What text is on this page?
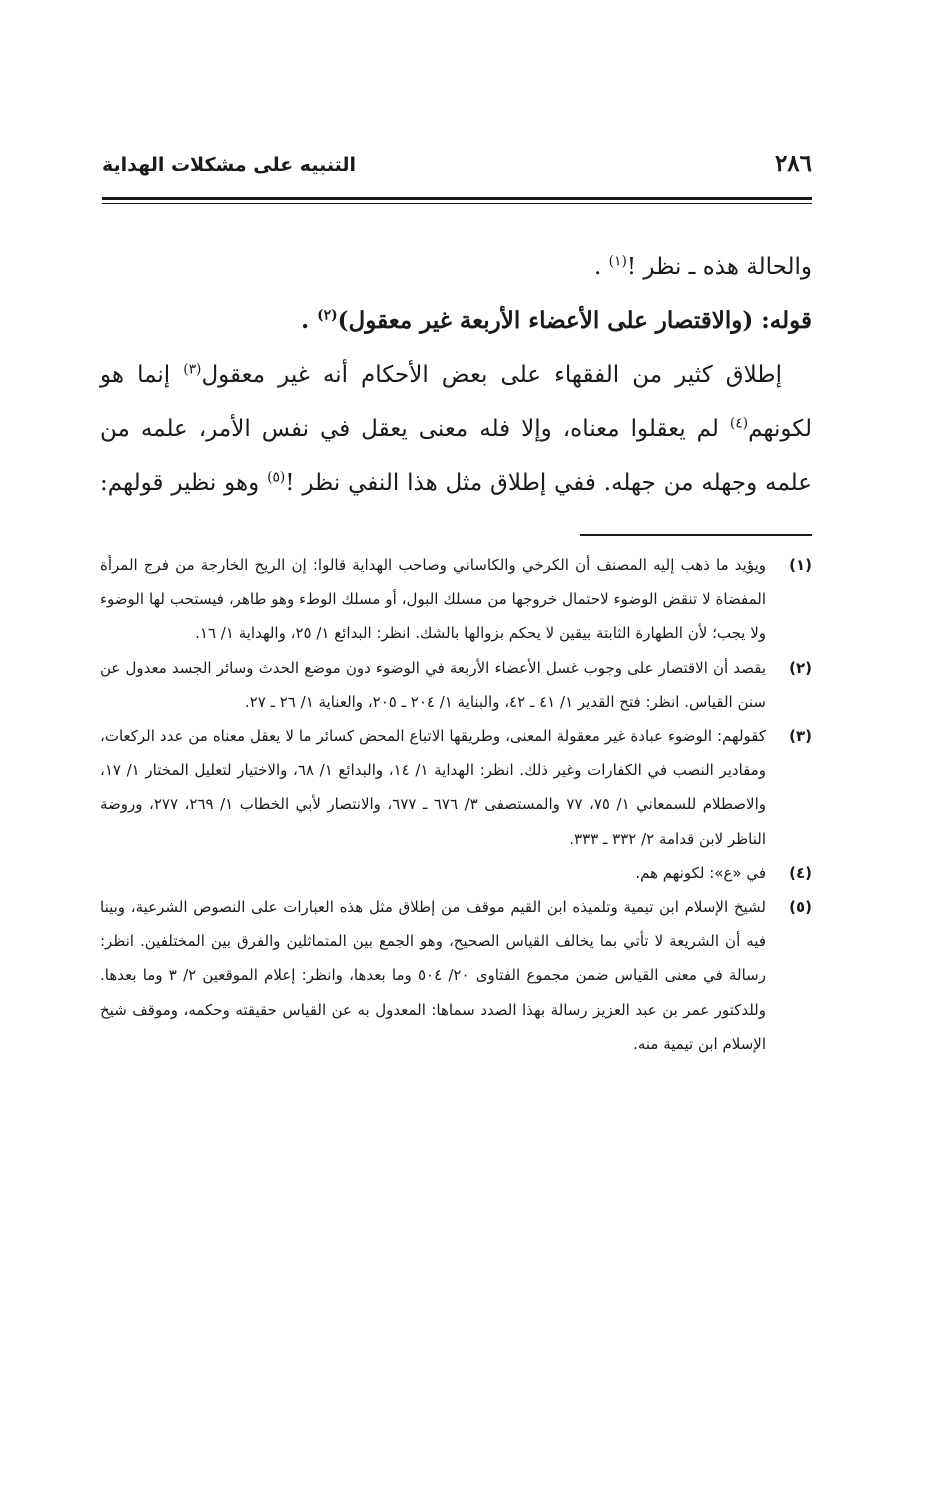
٢٨٦
التنبيه على مشكلات الهداية
والحالة هذه ـ نظر !$^{(١)}$ .
قوله: (والاقتصار على الأعضاء الأربعة غير معقول)$^{(٢)}$ .
إطلاق كثير من الفقهاء على بعض الأحكام أنه غير معقول$^{(٣)}$ إنما هو
لكونهم$^{(٤)}$ لم يعقلوا معناه، وإلا فله معنى يعقل في نفس الأمر، علمه من
علمه وجهله من جهله. ففي إطلاق مثل هذا النفي نظر !$^{(٥)}$ وهو نظير قولهم:

(١)
ويؤيد ما ذهب إليه المصنف أن الكرخي والكاساني وصاحب الهداية قالوا: إن الريح الخارجة من فرج المرأة المفضاة لا تنقض الوضوء لاحتمال خروجها من مسلك البول، أو مسلك الوطء وهو طاهر، فيستحب لها الوضوء ولا يجب؛ لأن الطهارة الثابتة بيقين لا يحكم بزوالها بالشك. انظر: البدائع ١/ ٢٥، والهداية ١/ ١٦.

(٢)
يقصد أن الاقتصار على وجوب غسل الأعضاء الأربعة في الوضوء دون موضع الحدث وسائر الجسد معدول عن سنن القياس. انظر: فتح القدير ١/ ٤١ ـ ٤٢، والبناية ١/ ٢٠٤ ـ ٢٠٥، والعناية ١/ ٢٦ ـ ٢٧.

(٣)
كقولهم: الوضوء عبادة غير معقولة المعنى، وطريقها الاتباع المحض كسائر ما لا يعقل معناه من عدد الركعات، ومقادير النصب في الكفارات وغير ذلك. انظر: الهداية ١/ ١٤، والبدائع ١/ ٦٨، والاختيار لتعليل المختار ١/ ١٧، والاصطلام للسمعاني ١/ ٧٥، ٧٧ والمستصفى ٣/ ٦٧٦ ـ ٦٧٧، والانتصار لأبي الخطاب ١/ ٢٦٩، ٢٧٧، وروضة الناظر لابن قدامة ٢/ ٣٣٢ ـ ٣٣٣.

(٤)
في «ع»: لكونهم هم.

(٥)
لشيخ الإسلام ابن تيمية وتلميذه ابن القيم موقف من إطلاق مثل هذه العبارات على النصوص الشرعية، وبينا فيه أن الشريعة لا تأتي بما يخالف القياس الصحيح، وهو الجمع بين المتماثلين والفرق بين المختلفين. انظر: رسالة في معنى القياس ضمن مجموع الفتاوى ٢٠/ ٥٠٤ وما بعدها، وانظر: إعلام الموقعين ٢/ ٣ وما بعدها. وللدكتور عمر بن عبد العزيز رسالة بهذا الصدد سماها: المعدول به عن القياس حقيقته وحكمه، وموقف شيخ الإسلام ابن تيمية منه.
